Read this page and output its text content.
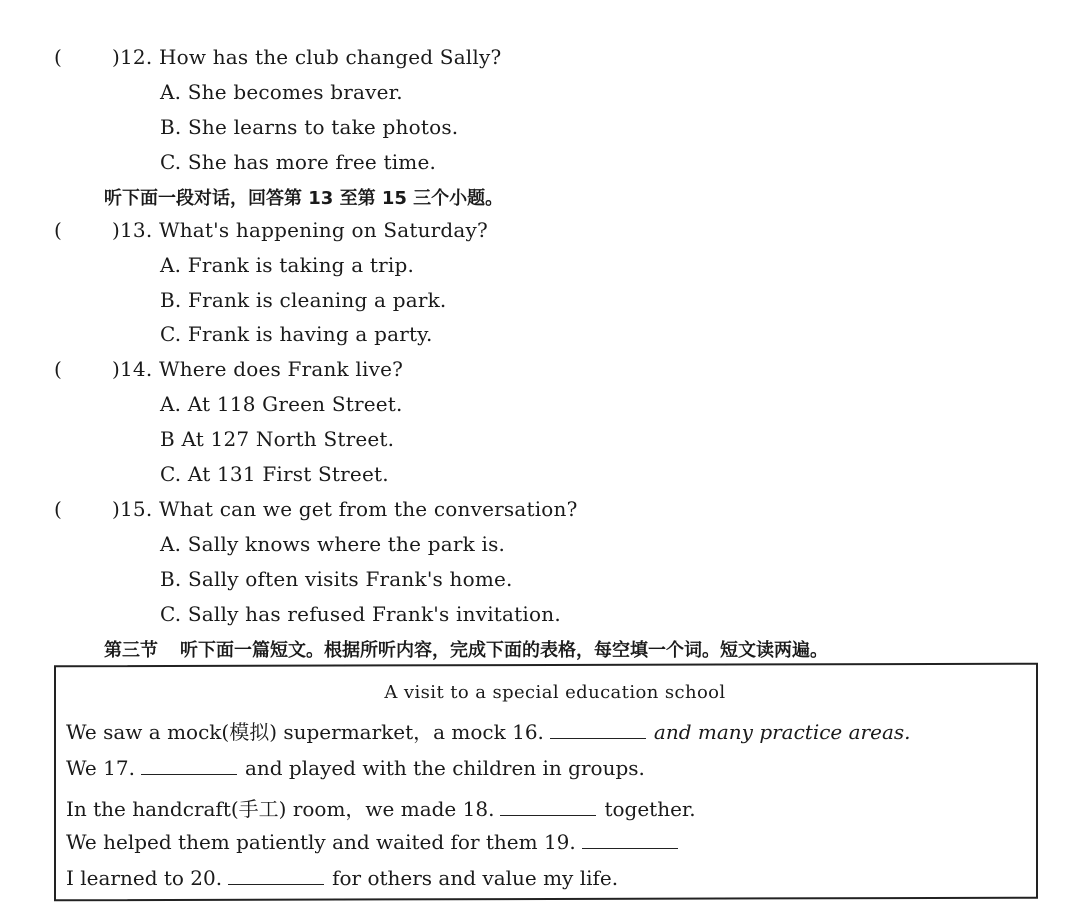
( )12. How has the club changed Sally?
A. She becomes braver.
B. She learns to take photos.
C. She has more free time.
听下面一段对话，回答第 13 至第 15 三个小题。
( )13. What's happening on Saturday?
A. Frank is taking a trip.
B. Frank is cleaning a park.
C. Frank is having a party.
( )14. Where does Frank live?
A. At 118 Green Street.
B At 127 North Street.
C. At 131 First Street.
( )15. What can we get from the conversation?
A. Sally knows where the park is.
B. Sally often visits Frank's home.
C. Sally has refused Frank's invitation.
第三节 听下面一篇短文。根据所听内容，完成下面的表格，每空填一个词。短文读两遍。
A visit to a special education school
We saw a mock(模拟) supermarket，a mock 16.	and many practice areas.
We 17.	and played with the children in groups.
In the handcraft(手工) room，we made 18.	together.
We helped them patiently and waited for them 19.
I learned to 20.	for others and value my life.
